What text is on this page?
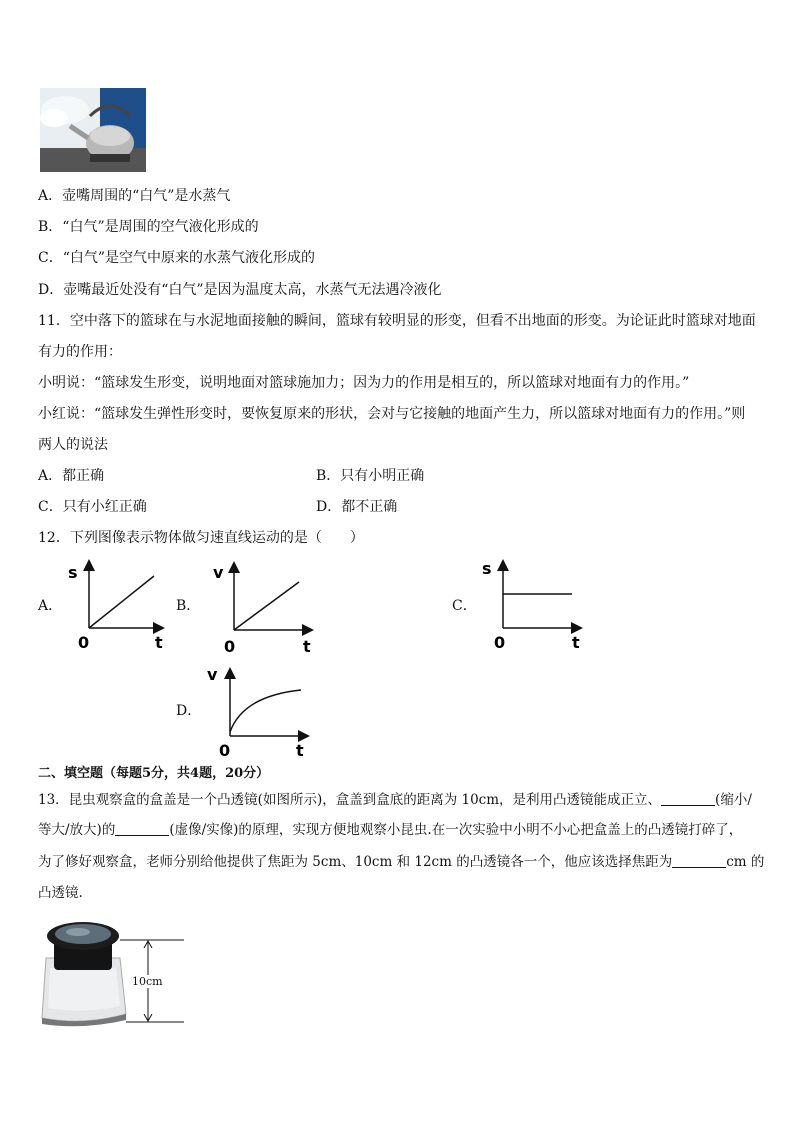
A．壶嘴周围的“白气”是水蒸气
B．“白气”是周围的空气液化形成的
C．“白气”是空气中原来的水蒸气液化形成的
D．壶嘴最近处没有“白气”是因为温度太高，水蒸气无法遇冷液化
11．空中落下的篮球在与水泥地面接触的瞬间，篮球有较明显的形变，但看不出地面的形变。为论证此时篮球对地面
有力的作用：
小明说：“篮球发生形变，说明地面对篮球施加力；因为力的作用是相互的，所以篮球对地面有力的作用。”
小红说：“篮球发生弹性形变时，要恢复原来的形状，会对与它接触的地面产生力，所以篮球对地面有力的作用。”则
两人的说法
A．都正确	B．只有小明正确
C．只有小红正确	D．都不正确
12．下列图像表示物体做匀速直线运动的是（　　）
A．	B．	C．
D．
s
t
0
v
t
0
s
t
0
v
t
0
二、填空题（每题5分，共4题，20分）
13．昆虫观察盒的盒盖是一个凸透镜(如图所示)，盒盖到盒底的距离为 10cm，是利用凸透镜能成正立、	(缩小/
等大/放大)的	(虚像/实像)的原理，实现方便地观察小昆虫.在一次实验中小明不小心把盒盖上的凸透镜打碎了，
为了修好观察盒，老师分别给他提供了焦距为 5cm、10cm 和 12cm 的凸透镜各一个，他应该选择焦距为	cm 的
凸透镜.
10cm
